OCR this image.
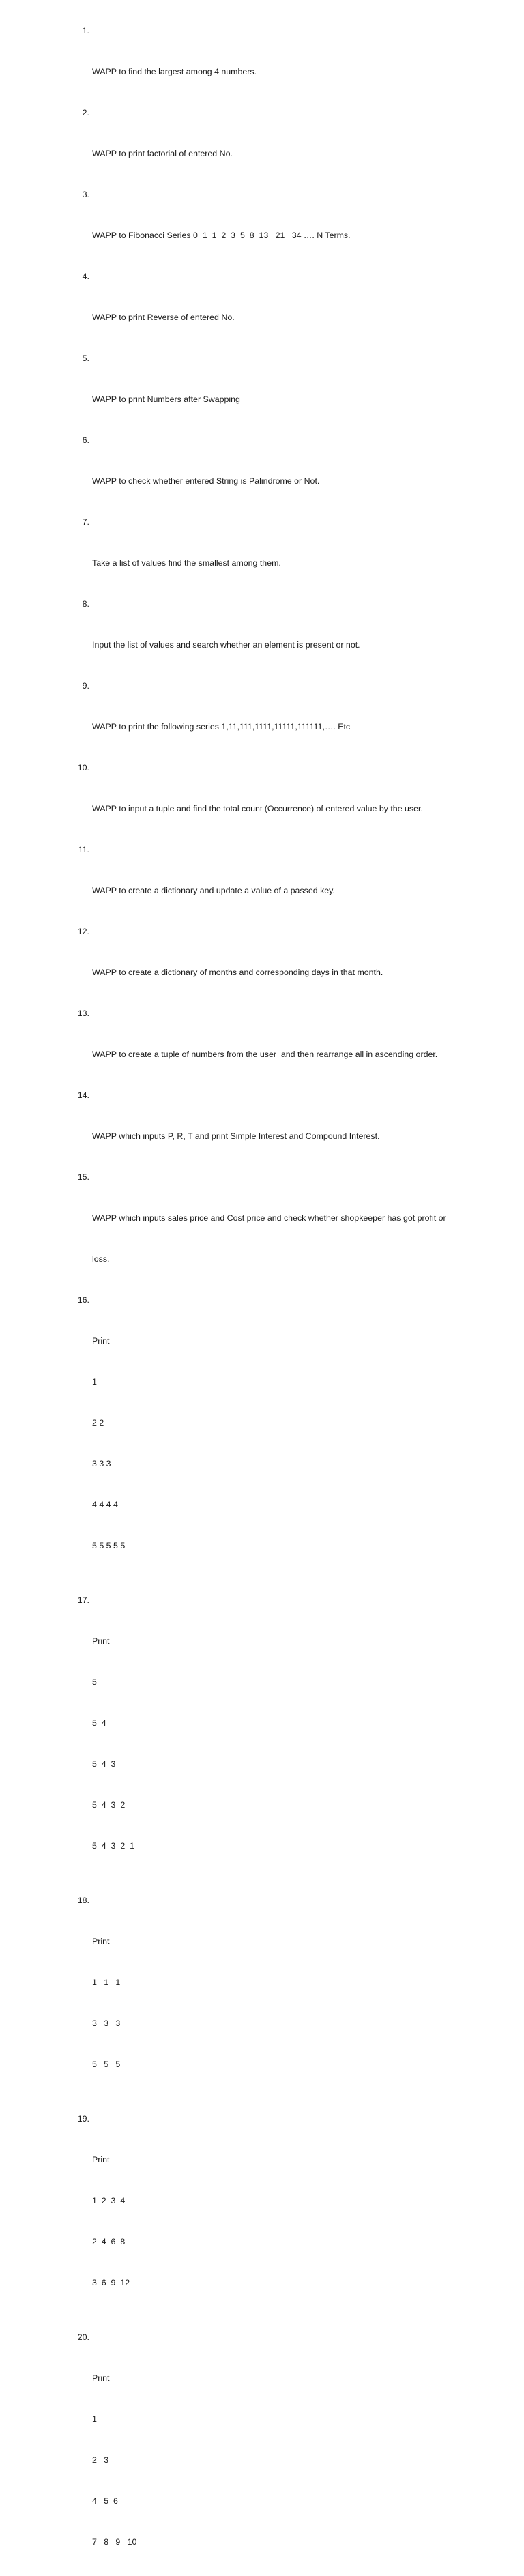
1.

WAPP to find the largest among 4 numbers.

2.

WAPP to print factorial of entered No.

3.

WAPP to Fibonacci Series 0  1  1  2  3  5  8  13   21   34 …. N Terms.

4.

WAPP to print Reverse of entered No.

5.

WAPP to print Numbers after Swapping

6.

WAPP to check whether entered String is Palindrome or Not.

7.

Take a list of values find the smallest among them.

8.

Input the list of values and search whether an element is present or not.

9.

WAPP to print the following series 1,11,111,1111,11111,111111,…. Etc

10.

WAPP to input a tuple and find the total count (Occurrence) of entered value by the user.

11.

WAPP to create a dictionary and update a value of a passed key.

12.

WAPP to create a dictionary of months and corresponding days in that month.

13.

WAPP to create a tuple of numbers from the user  and then rearrange all in ascending order.

14.

WAPP which inputs P, R, T and print Simple Interest and Compound Interest.

15.

WAPP which inputs sales price and Cost price and check whether shopkeeper has got profit or

loss.

16.

Print

1

2 2

3 3 3

4 4 4 4

5 5 5 5 5

17.

Print

5

5  4

5  4  3

5  4  3  2

5  4  3  2  1

18.

Print

1   1   1

3   3   3

5   5   5

19.

Print

1  2  3  4

2  4  6  8

3  6  9  12

20.

Print

1

2   3

4   5  6

7   8   9   10
